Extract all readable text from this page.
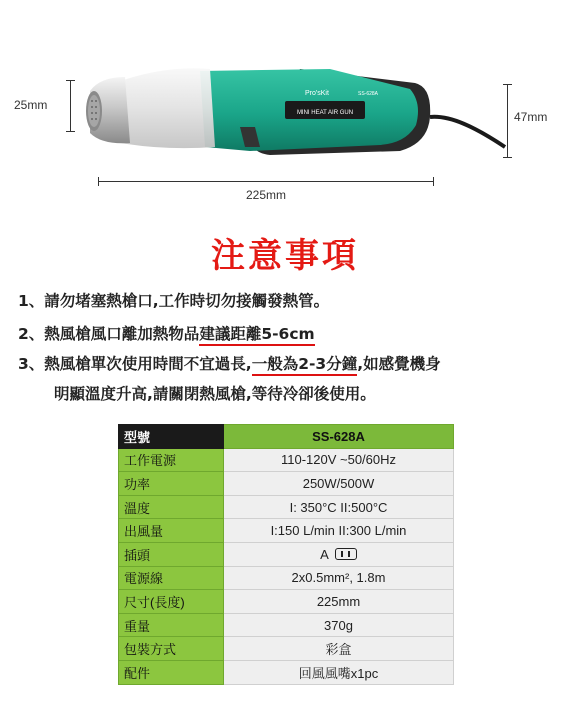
25mm
47mm
225mm
MINI HEAT AIR GUN
Pro'sKit	SS-628A
注意事項
1、請勿堵塞熱槍口,工作時切勿接觸發熱管。
2、熱風槍風口離加熱物品建議距離5-6cm
3、熱風槍單次使用時間不宜過長,一般為2-3分鐘,如感覺機身
明顯溫度升高,請關閉熱風槍,等待冷卻後使用。
型號	SS-628A
工作電源	110-120V ~50/60Hz
功率	250W/500W
溫度	I: 350°C II:500°C
出風量	I:150 L/min II:300 L/min
插頭	A
電源線	2x0.5mm², 1.8m
尺寸(長度)	225mm
重量	370g
包裝方式	彩盒
配件	回風風嘴x1pc
